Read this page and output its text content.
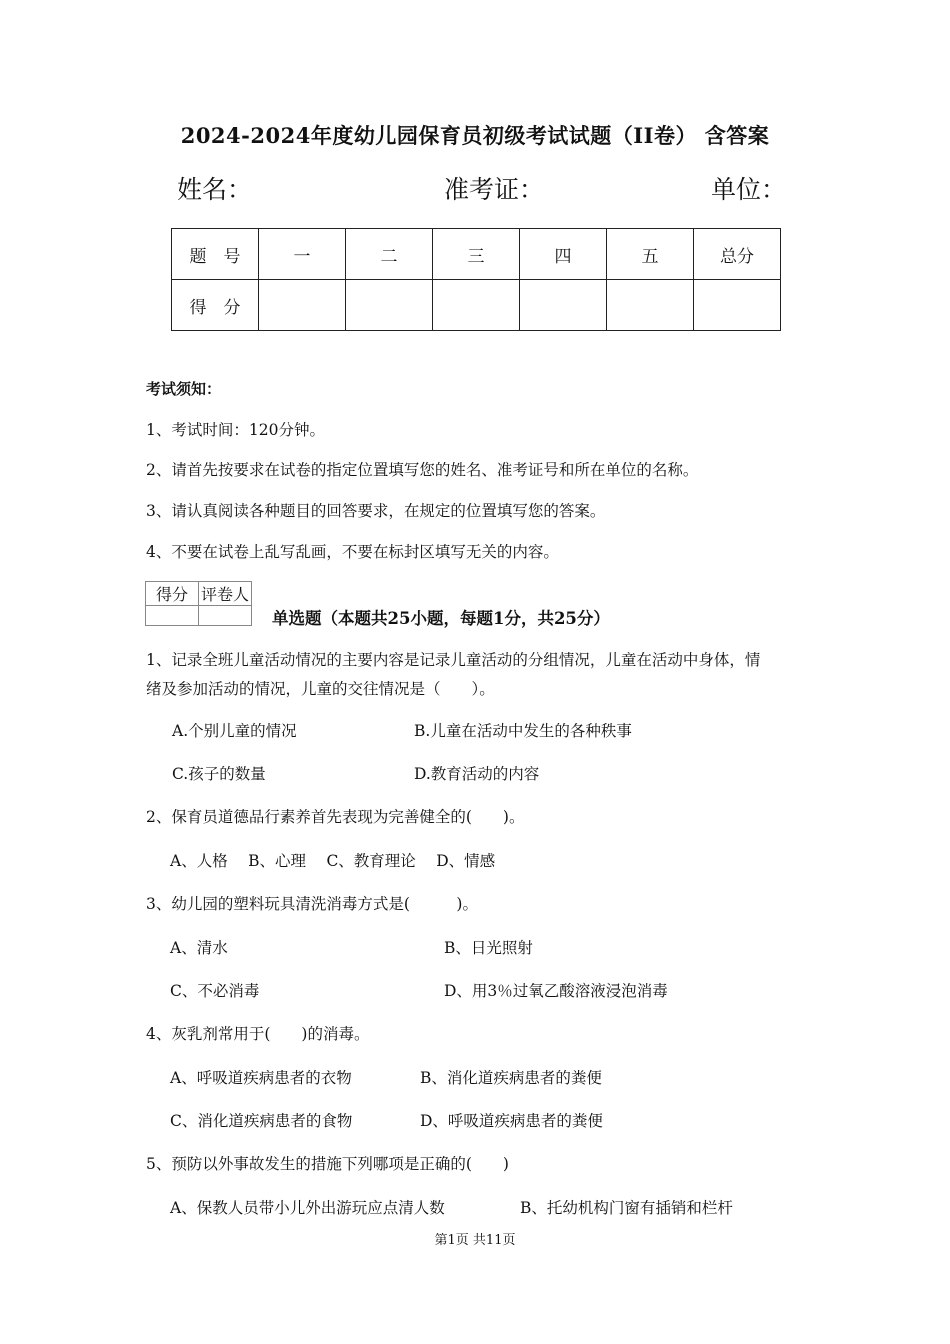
2024-2024年度幼儿园保育员初级考试试题（II卷） 含答案
姓名：	准考证：	单位：
题　号	一	二	三	四	五	总分
得　分						
考试须知：
1、考试时间：120分钟。
2、请首先按要求在试卷的指定位置填写您的姓名、准考证号和所在单位的名称。
3、请认真阅读各种题目的回答要求，在规定的位置填写您的答案。
4、不要在试卷上乱写乱画，不要在标封区填写无关的内容。
得分	评卷人

单选题（本题共25小题，每题1分，共25分）
1、记录全班儿童活动情况的主要内容是记录儿童活动的分组情况，儿童在活动中身体，情
绪及参加活动的情况，儿童的交往情况是（　　）。
A.个别儿童的情况	B.儿童在活动中发生的各种秩事
C.孩子的数量	D.教育活动的内容
2、保育员道德品行素养首先表现为完善健全的(　　)。
A、人格　 B、心理　 C、教育理论　 D、情感
3、幼儿园的塑料玩具清洗消毒方式是(　　　)。
A、清水	B、日光照射
C、不必消毒	D、用3％过氧乙酸溶液浸泡消毒
4、灰乳剂常用于(　　)的消毒。
A、呼吸道疾病患者的衣物	B、消化道疾病患者的粪便
C、消化道疾病患者的食物	D、呼吸道疾病患者的粪便
5、预防以外事故发生的措施下列哪项是正确的(　　)
A、保教人员带小儿外出游玩应点清人数	B、托幼机构门窗有插销和栏杆
第1页 共11页
